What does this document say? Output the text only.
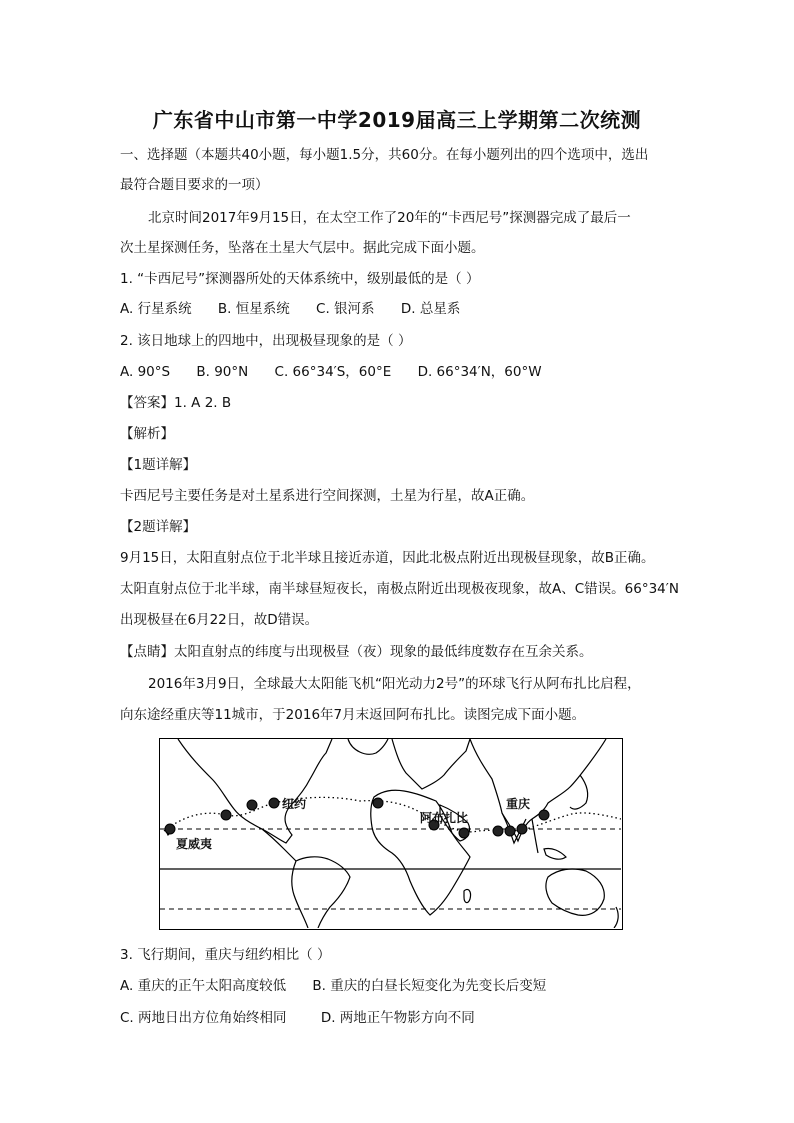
广东省中山市第一中学2019届高三上学期第二次统测
一、选择题（本题共40小题，每小题1.5分，共60分。在每小题列出的四个选项中，选出
最符合题目要求的一项）
北京时间2017年9月15日，在太空工作了20年的“卡西尼号”探测器完成了最后一
次土星探测任务，坠落在土星大气层中。据此完成下面小题。
1. “卡西尼号”探测器所处的天体系统中，级别最低的是（ ）
A. 行星系统 B. 恒星系统 C. 银河系 D. 总星系
2. 该日地球上的四地中，出现极昼现象的是（ ）
A. 90°S B. 90°N C. 66°34′S，60°E D. 66°34′N，60°W
【答案】1. A 2. B
【解析】
【1题详解】
卡西尼号主要任务是对土星系进行空间探测，土星为行星，故A正确。
【2题详解】
9月15日，太阳直射点位于北半球且接近赤道，因此北极点附近出现极昼现象，故B正确。
太阳直射点位于北半球，南半球昼短夜长，南极点附近出现极夜现象，故A、C错误。66°34′N
出现极昼在6月22日，故D错误。
【点睛】太阳直射点的纬度与出现极昼（夜）现象的最低纬度数存在互余关系。
2016年3月9日，全球最大太阳能飞机“阳光动力2号”的环球飞行从阿布扎比启程，
向东途经重庆等11城市，于2016年7月末返回阿布扎比。读图完成下面小题。
纽约
阿布扎比
重庆
夏威夷
3. 飞行期间，重庆与纽约相比（ ）
A. 重庆的正午太阳高度较低 B. 重庆的白昼长短变化为先变长后变短
C. 两地日出方位角始终相同	D. 两地正午物影方向不同
